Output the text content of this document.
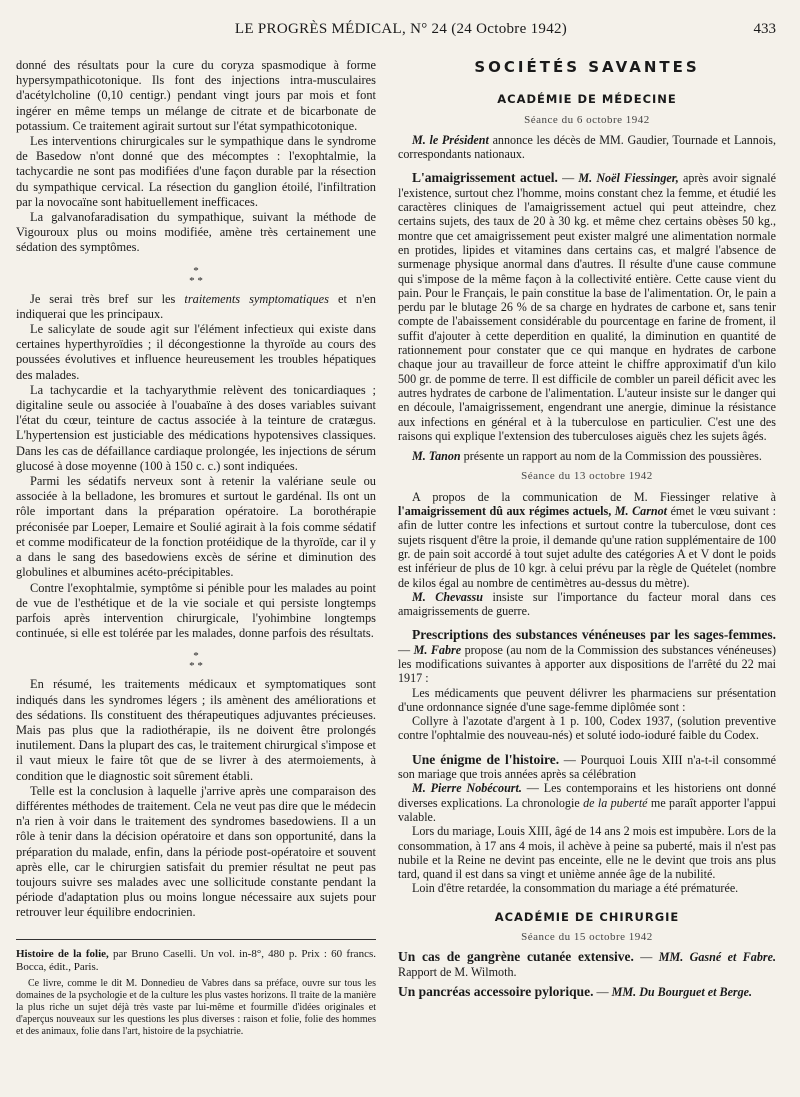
LE PROGRÈS MÉDICAL, N° 24 (24 Octobre 1942)	433

donné des résultats pour la cure du coryza spasmodique à forme hypersympathicotonique. Ils font des injections intra-musculaires d'acétylcholine (0,10 centigr.) pendant vingt jours par mois et font ingérer en même temps un mélange de citrate et de bicarbonate de potassium. Ce traitement agirait surtout sur l'état sympathicotonique.

Les interventions chirurgicales sur le sympathique dans le syndrome de Basedow n'ont donné que des mécomptes : l'exophtalmie, la tachycardie ne sont pas modifiées d'une façon durable par la résection du sympathique cervical. La résection du ganglion étoilé, l'infiltration par la novocaïne sont habituellement inefficaces.

La galvanofaradisation du sympathique, suivant la méthode de Vigouroux plus ou moins modifiée, amène très certainement une sédation des symptômes.

*
* *

Je serai très bref sur les traitements symptomatiques et n'en indiquerai que les principaux.

Le salicylate de soude agit sur l'élément infectieux qui existe dans certaines hyperthyroïdies ; il décongestionne la thyroïde au cours des poussées évolutives et influence heureusement les troubles hépatiques des malades.

La tachycardie et la tachyarythmie relèvent des tonicardiaques ; digitaline seule ou associée à l'ouabaïne à des doses variables suivant l'état du cœur, teinture de cactus associée à la teinture de cratægus. L'hypertension est justiciable des médications hypotensives classiques. Dans les cas de défaillance cardiaque prolongée, les injections de sérum glucosé à dose moyenne (100 à 150 c. c.) sont indiquées.

Parmi les sédatifs nerveux sont à retenir la valériane seule ou associée à la belladone, les bromures et surtout le gardénal. Ils ont un rôle important dans la préparation opératoire. La borothérapie préconisée par Loeper, Lemaire et Soulié agirait à la fois comme sédatif et comme modificateur de la fonction protéidique de la thyroïde, car il y a dans le sang des basedowiens excès de sérine et diminution des globulines et albumines acéto-précipitables.

Contre l'exophtalmie, symptôme si pénible pour les malades au point de vue de l'esthétique et de la vie sociale et qui persiste longtemps parfois après intervention chirurgicale, l'yohimbine longtemps continuée, si elle est tolérée par les malades, donne parfois des résultats.

*
* *

En résumé, les traitements médicaux et symptomatiques sont indiqués dans les syndromes légers ; ils amènent des améliorations et des sédations. Ils constituent des thérapeutiques adjuvantes précieuses. Mais pas plus que la radiothérapie, ils ne doivent être prolongés inutilement. Dans la plupart des cas, le traitement chirurgical s'impose et il vaut mieux le faire tôt que de se livrer à des atermoiements, à condition que le diagnostic soit sûrement établi.

Telle est la conclusion à laquelle j'arrive après une comparaison des différentes méthodes de traitement. Cela ne veut pas dire que le médecin n'a rien à voir dans le traitement des syndromes basedowiens. Il a un rôle à tenir dans la décision opératoire et dans son opportunité, dans la préparation du malade, enfin, dans la période post-opératoire et souvent après elle, car le chirurgien satisfait du premier résultat ne peut pas toujours suivre ses malades avec une sollicitude constante pendant la période d'adaptation plus ou moins longue nécessaire aux sujets pour retrouver leur équilibre endocrinien.

Histoire de la folie, par Bruno Caselli. Un vol. in-8°, 480 p. Prix : 60 francs. Bocca, édit., Paris.

Ce livre, comme le dit M. Donnedieu de Vabres dans sa préface, ouvre sur tous les domaines de la psychologie et de la culture les plus vastes horizons. Il traite de la manière la plus riche un sujet déjà très vaste par lui-même et fourmille d'idées originales et d'aperçus nouveaux sur les questions les plus diverses : raison et folie, folie des hommes et des animaux, folie dans l'art, histoire de la psychiatrie.

SOCIÉTÉS SAVANTES
ACADÉMIE DE MÉDECINE
Séance du 6 octobre 1942

M. le Président annonce les décès de MM. Gaudier, Tournade et Lannois, correspondants nationaux.

L'amaigrissement actuel. — M. Noël Fiessinger, après avoir signalé l'existence, surtout chez l'homme, moins constant chez la femme, et étudié les caractères cliniques de l'amaigrissement actuel qui peut atteindre, chez certains sujets, des taux de 20 à 30 kg. et même chez certains obèses 50 kg., montre que cet amaigrissement peut exister malgré une alimentation normale en protides, lipides et vitamines dans certains cas, et malgré l'absence de surmenage physique anormal dans d'autres. Il résulte d'une cause commune qui s'impose de la même façon à la collectivité entière. Cette cause vient du pain. Pour le Français, le pain constitue la base de l'alimentation. Or, le pain a perdu par le blutage 26 % de sa charge en hydrates de carbone et, sans tenir compte de l'abaissement considérable du pourcentage en farine de froment, il suffit d'ajouter à cette deperdition en qualité, la diminution en quantité de rationnement pour constater que ce qui manque en hydrates de carbone chaque jour au travailleur de force atteint le chiffre approximatif d'un kilo 500 gr. de pomme de terre. Il est difficile de combler un pareil déficit avec les autres hydrates de carbone de l'alimentation. L'auteur insiste sur le danger qui en découle, l'amaigrissement, engendrant une anergie, diminue la résistance aux infections en général et à la tuberculose en particulier. C'est une des raisons qui explique l'extension des tuberculoses aiguës chez les sujets âgés.

M. Tanon présente un rapport au nom de la Commission des poussières.

Séance du 13 octobre 1942

A propos de la communication de M. Fiessinger relative à l'amaigrissement dû aux régimes actuels, M. Carnot émet le vœu suivant : afin de lutter contre les infections et surtout contre la tuberculose, dont ces sujets risquent d'être la proie, il demande qu'une ration supplémentaire de 100 gr. de pain soit accordé à tout sujet adulte des catégories A et V dont le poids est inférieur de plus de 10 kgr. à celui prévu par la règle de Quételet (nombre de kilos égal au nombre de centimètres au-dessus du mètre).

M. Chevassu insiste sur l'importance du facteur moral dans ces amaigrissements de guerre.

Prescriptions des substances vénéneuses par les sages-femmes. — M. Fabre propose (au nom de la Commission des substances vénéneuses) les modifications suivantes à apporter aux dispositions de l'arrêté du 22 mai 1917 :

Les médicaments que peuvent délivrer les pharmaciens sur présentation d'une ordonnance signée d'une sage-femme diplômée sont :

Collyre à l'azotate d'argent à 1 p. 100, Codex 1937, (solution preventive contre l'ophtalmie des nouveau-nés) et soluté iodo-ioduré faible du Codex.

Une énigme de l'histoire. — Pourquoi Louis XIII n'a-t-il consommé son mariage que trois années après sa célébration

M. Pierre Nobécourt. — Les contemporains et les historiens ont donné diverses explications. La chronologie de la puberté me paraît apporter l'appui valable.

Lors du mariage, Louis XIII, âgé de 14 ans 2 mois est impubère. Lors de la consommation, à 17 ans 4 mois, il achève à peine sa puberté, mais il n'est pas nubile et la Reine ne devint pas enceinte, elle ne le devint que trois ans plus tard, quand il est dans sa vingt et unième année âge de la nubilité.

Loin d'être retardée, la consommation du mariage a été prématurée.

ACADÉMIE DE CHIRURGIE
Séance du 15 octobre 1942

Un cas de gangrène cutanée extensive. — MM. Gasné et Fabre. Rapport de M. Wilmoth.

Un pancréas accessoire pylorique. — MM. Du Bourguet et Berge.
